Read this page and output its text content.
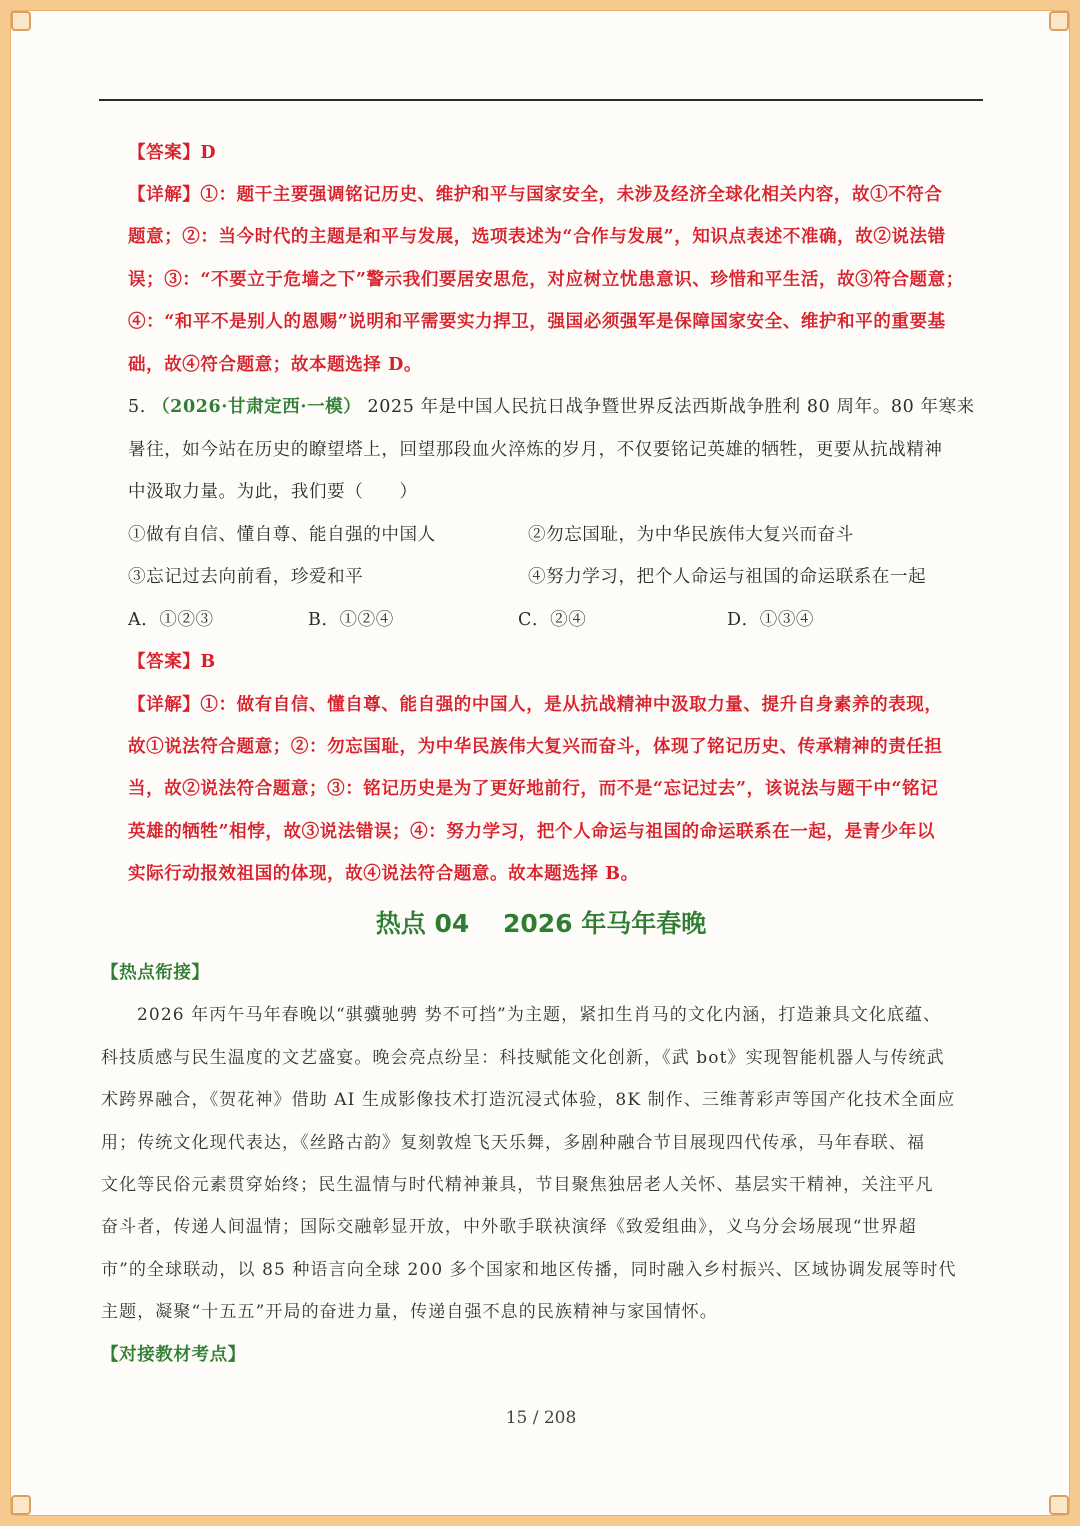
【答案】D
【详解】①：题干主要强调铭记历史、维护和平与国家安全，未涉及经济全球化相关内容，故①不符合
题意；②：当今时代的主题是和平与发展，选项表述为“合作与发展”，知识点表述不准确，故②说法错
误；③：“不要立于危墙之下”警示我们要居安思危，对应树立忧患意识、珍惜和平生活，故③符合题意；
④：“和平不是别人的恩赐”说明和平需要实力捍卫，强国必须强军是保障国家安全、维护和平的重要基
础，故④符合题意；故本题选择 D。
5. （2026·甘肃定西·一模） 2025 年是中国人民抗日战争暨世界反法西斯战争胜利 80 周年。80 年寒来
暑往，如今站在历史的瞭望塔上，回望那段血火淬炼的岁月，不仅要铭记英雄的牺牲，更要从抗战精神
中汲取力量。为此，我们要（　　）
①做有自信、懂自尊、能自强的中国人	②勿忘国耻，为中华民族伟大复兴而奋斗
③忘记过去向前看，珍爱和平	④努力学习，把个人命运与祖国的命运联系在一起
A．①②③	B．①②④	C．②④	D．①③④
【答案】B
【详解】①：做有自信、懂自尊、能自强的中国人，是从抗战精神中汲取力量、提升自身素养的表现，
故①说法符合题意；②：勿忘国耻，为中华民族伟大复兴而奋斗，体现了铭记历史、传承精神的责任担
当，故②说法符合题意；③：铭记历史是为了更好地前行，而不是“忘记过去”，该说法与题干中“铭记
英雄的牺牲”相悖，故③说法错误；④：努力学习，把个人命运与祖国的命运联系在一起，是青少年以
实际行动报效祖国的体现，故④说法符合题意。故本题选择 B。
热点 04　 2026 年马年春晚
【热点衔接】
2026 年丙午马年春晚以“骐骥驰骋 势不可挡”为主题，紧扣生肖马的文化内涵，打造兼具文化底蕴、
科技质感与民生温度的文艺盛宴。晚会亮点纷呈：科技赋能文化创新，《武 bot》实现智能机器人与传统武
术跨界融合，《贺花神》借助 AI 生成影像技术打造沉浸式体验，8K 制作、三维菁彩声等国产化技术全面应
用；传统文化现代表达，《丝路古韵》复刻敦煌飞天乐舞，多剧种融合节目展现四代传承，马年春联、福
文化等民俗元素贯穿始终；民生温情与时代精神兼具，节目聚焦独居老人关怀、基层实干精神，关注平凡
奋斗者，传递人间温情；国际交融彰显开放，中外歌手联袂演绎《致爱组曲》，义乌分会场展现“世界超
市”的全球联动，以 85 种语言向全球 200 多个国家和地区传播，同时融入乡村振兴、区域协调发展等时代
主题，凝聚“十五五”开局的奋进力量，传递自强不息的民族精神与家国情怀。
【对接教材考点】
15 / 208
